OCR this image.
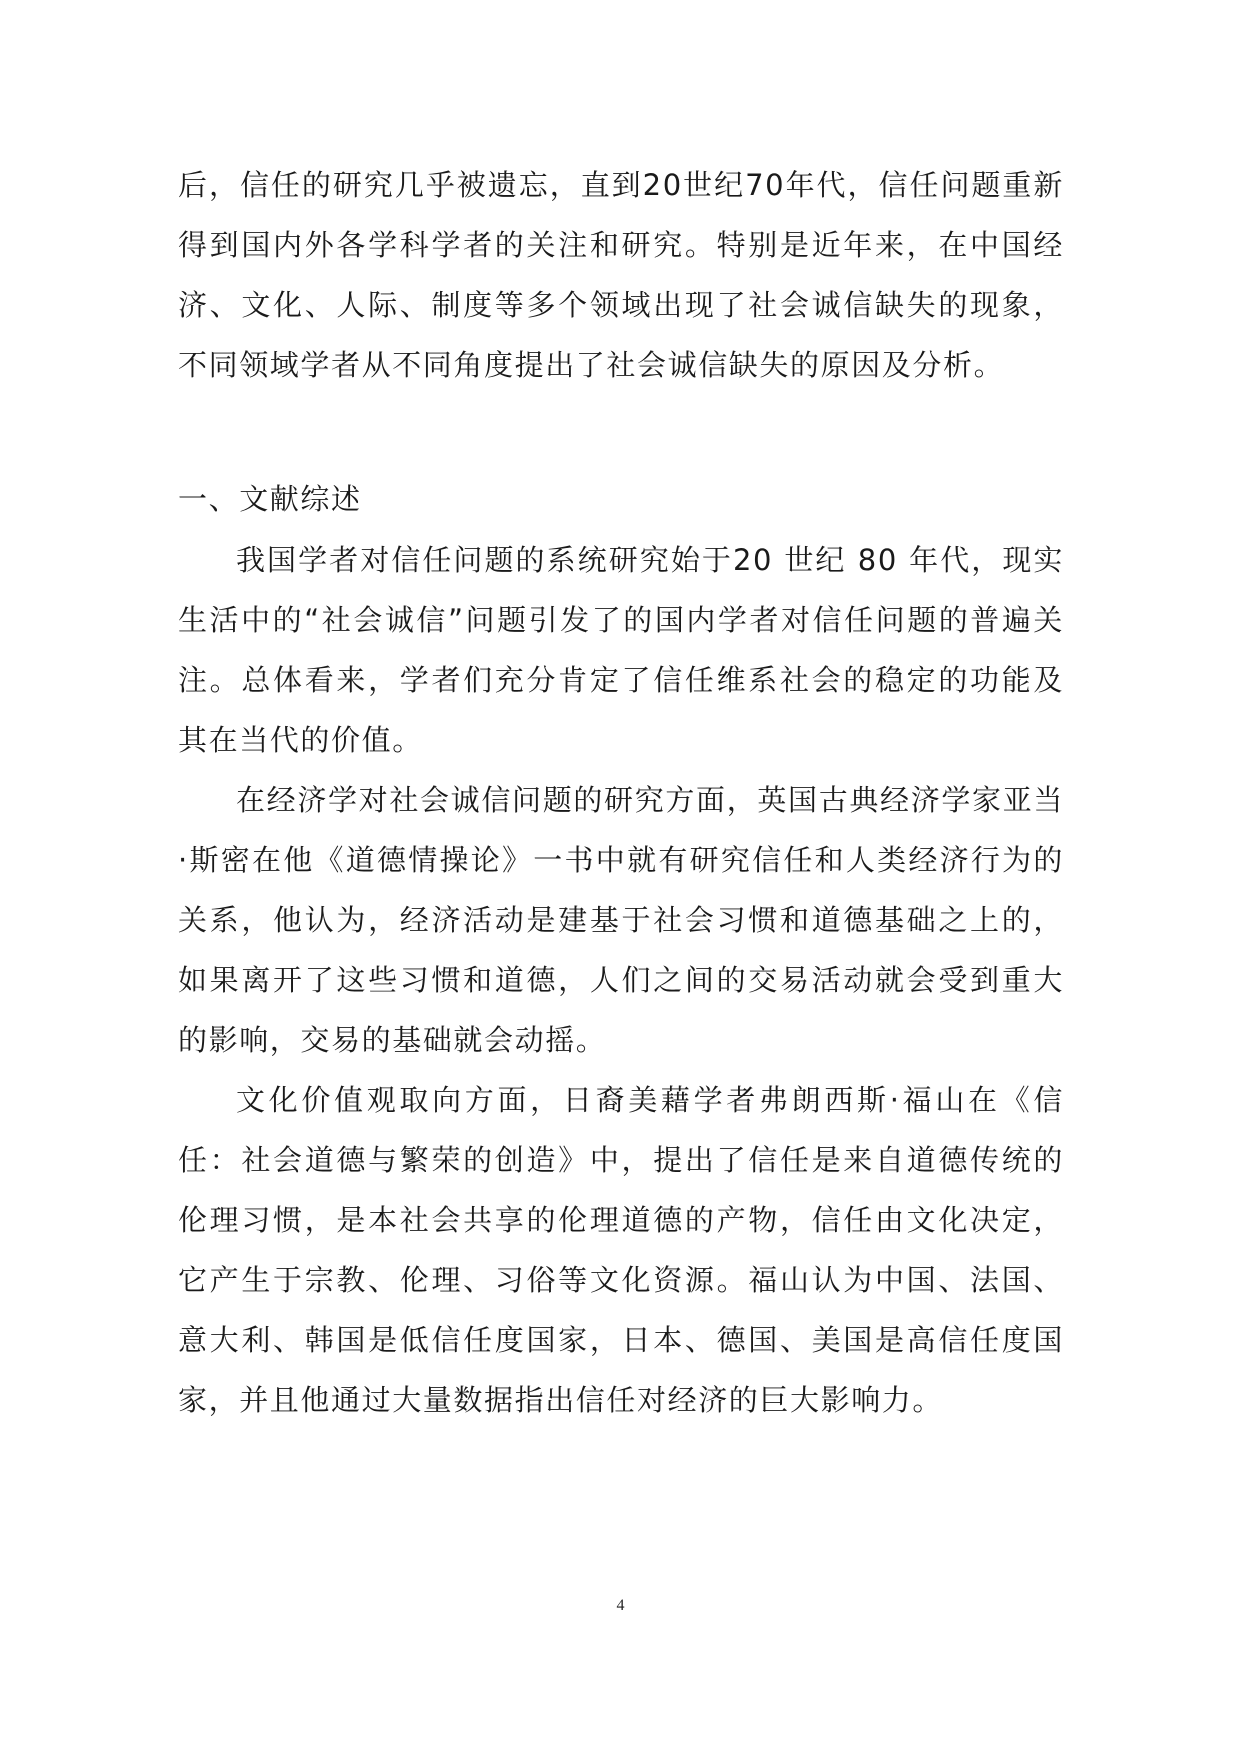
后，信任的研究几乎被遗忘，直到20世纪70年代，信任问题重新得到国内外各学科学者的关注和研究。特别是近年来，在中国经济、文化、人际、制度等多个领域出现了社会诚信缺失的现象，不同领域学者从不同角度提出了社会诚信缺失的原因及分析。

一、文献综述

我国学者对信任问题的系统研究始于20 世纪 80 年代，现实生活中的“社会诚信”问题引发了的国内学者对信任问题的普遍关注。总体看来，学者们充分肯定了信任维系社会的稳定的功能及其在当代的价值。

在经济学对社会诚信问题的研究方面，英国古典经济学家亚当·斯密在他《道德情操论》一书中就有研究信任和人类经济行为的关系，他认为，经济活动是建基于社会习惯和道德基础之上的，如果离开了这些习惯和道德，人们之间的交易活动就会受到重大的影响，交易的基础就会动摇。

文化价值观取向方面，日裔美藉学者弗朗西斯·福山在《信任：社会道德与繁荣的创造》中，提出了信任是来自道德传统的伦理习惯，是本社会共享的伦理道德的产物，信任由文化决定，它产生于宗教、伦理、习俗等文化资源。福山认为中国、法国、意大利、韩国是低信任度国家，日本、德国、美国是高信任度国家，并且他通过大量数据指出信任对经济的巨大影响力。

4
